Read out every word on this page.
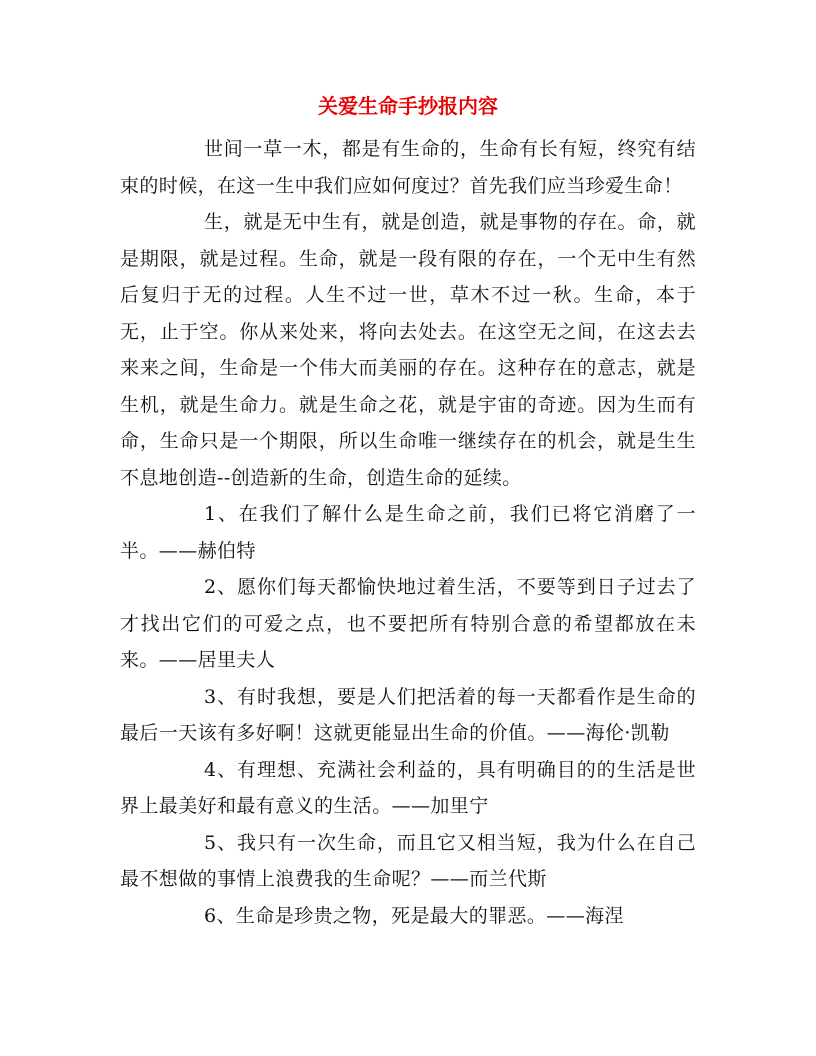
关爱生命手抄报内容

世间一草一木，都是有生命的，生命有长有短，终究有结束的时候，在这一生中我们应如何度过？首先我们应当珍爱生命！

生，就是无中生有，就是创造，就是事物的存在。命，就是期限，就是过程。生命，就是一段有限的存在，一个无中生有然后复归于无的过程。人生不过一世，草木不过一秋。生命，本于无，止于空。你从来处来，将向去处去。在这空无之间，在这去去来来之间，生命是一个伟大而美丽的存在。这种存在的意志，就是生机，就是生命力。就是生命之花，就是宇宙的奇迹。因为生而有命，生命只是一个期限，所以生命唯一继续存在的机会，就是生生不息地创造--创造新的生命，创造生命的延续。

1、在我们了解什么是生命之前，我们已将它消磨了一半。——赫伯特

2、愿你们每天都愉快地过着生活，不要等到日子过去了才找出它们的可爱之点，也不要把所有特别合意的希望都放在未来。——居里夫人

3、有时我想，要是人们把活着的每一天都看作是生命的最后一天该有多好啊！这就更能显出生命的价值。——海伦·凯勒

4、有理想、充满社会利益的，具有明确目的的生活是世界上最美好和最有意义的生活。——加里宁

5、我只有一次生命，而且它又相当短，我为什么在自己最不想做的事情上浪费我的生命呢？——而兰代斯

6、生命是珍贵之物，死是最大的罪恶。——海涅
